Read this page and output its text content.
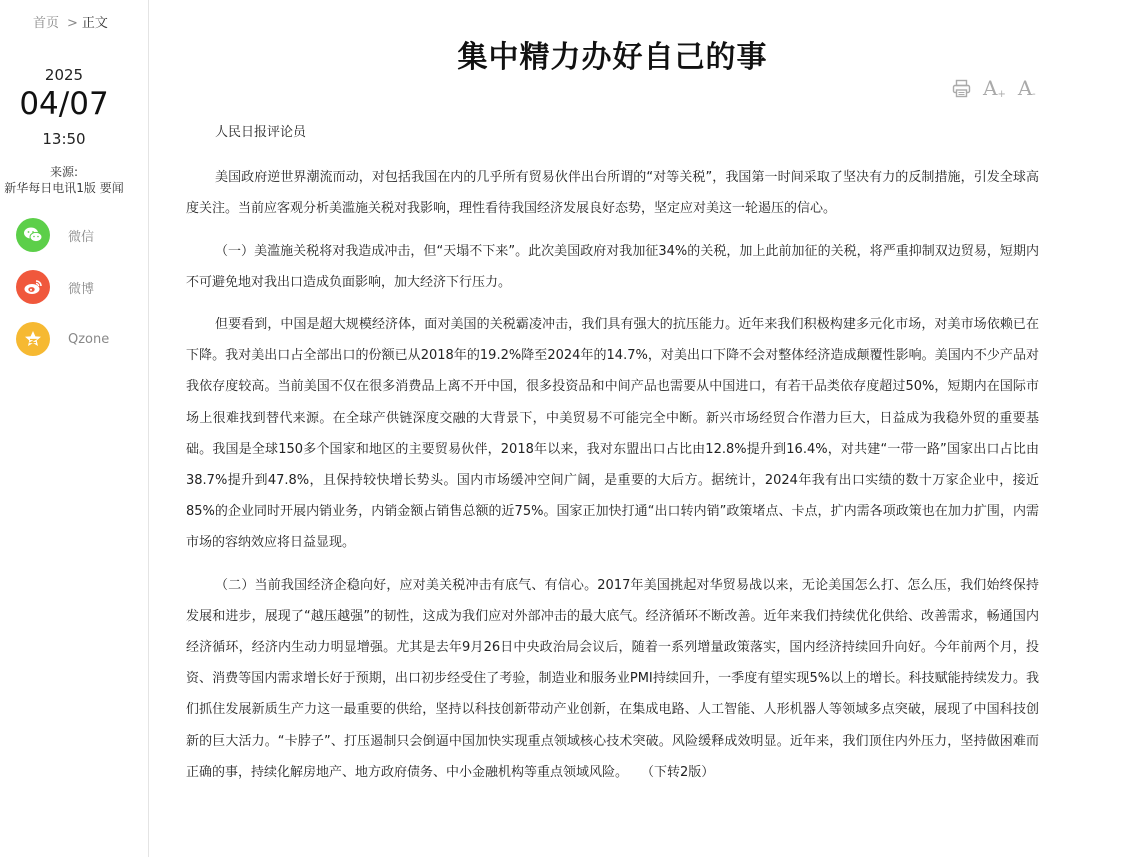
首页 > 正文
2025
04/07
13:50
来源:
新华每日电讯1版 要闻
微信
微博
Qzone
集中精力办好自己的事
$A_+$ $A_-$

人民日报评论员

美国政府逆世界潮流而动，对包括我国在内的几乎所有贸易伙伴出台所谓的“对等关税”，我国第一时间采取了坚决有力的反制措施，引发全球高度关注。当前应客观分析美滥施关税对我影响，理性看待我国经济发展良好态势，坚定应对美这一轮遏压的信心。

（一）美滥施关税将对我造成冲击，但“天塌不下来”。此次美国政府对我加征34%的关税，加上此前加征的关税，将严重抑制双边贸易，短期内不可避免地对我出口造成负面影响，加大经济下行压力。

但要看到，中国是超大规模经济体，面对美国的关税霸凌冲击，我们具有强大的抗压能力。近年来我们积极构建多元化市场，对美市场依赖已在下降。我对美出口占全部出口的份额已从2018年的19.2%降至2024年的14.7%，对美出口下降不会对整体经济造成颠覆性影响。美国内不少产品对我依存度较高。当前美国不仅在很多消费品上离不开中国，很多投资品和中间产品也需要从中国进口，有若干品类依存度超过50%，短期内在国际市场上很难找到替代来源。在全球产供链深度交融的大背景下，中美贸易不可能完全中断。新兴市场经贸合作潜力巨大，日益成为我稳外贸的重要基础。我国是全球150多个国家和地区的主要贸易伙伴，2018年以来，我对东盟出口占比由12.8%提升到16.4%，对共建“一带一路”国家出口占比由38.7%提升到47.8%，且保持较快增长势头。国内市场缓冲空间广阔，是重要的大后方。据统计，2024年我有出口实绩的数十万家企业中，接近85%的企业同时开展内销业务，内销金额占销售总额的近75%。国家正加快打通“出口转内销”政策堵点、卡点，扩内需各项政策也在加力扩围，内需市场的容纳效应将日益显现。

（二）当前我国经济企稳向好，应对美关税冲击有底气、有信心。2017年美国挑起对华贸易战以来，无论美国怎么打、怎么压，我们始终保持发展和进步，展现了“越压越强”的韧性，这成为我们应对外部冲击的最大底气。经济循环不断改善。近年来我们持续优化供给、改善需求，畅通国内经济循环，经济内生动力明显增强。尤其是去年9月26日中央政治局会议后，随着一系列增量政策落实，国内经济持续回升向好。今年前两个月，投资、消费等国内需求增长好于预期，出口初步经受住了考验，制造业和服务业PMI持续回升，一季度有望实现5%以上的增长。科技赋能持续发力。我们抓住发展新质生产力这一最重要的供给，坚持以科技创新带动产业创新，在集成电路、人工智能、人形机器人等领域多点突破，展现了中国科技创新的巨大活力。“卡脖子”、打压遏制只会倒逼中国加快实现重点领域核心技术突破。风险缓释成效明显。近年来，我们顶住内外压力，坚持做困难而正确的事，持续化解房地产、地方政府债务、中小金融机构等重点领域风险。　　（下转2版）
